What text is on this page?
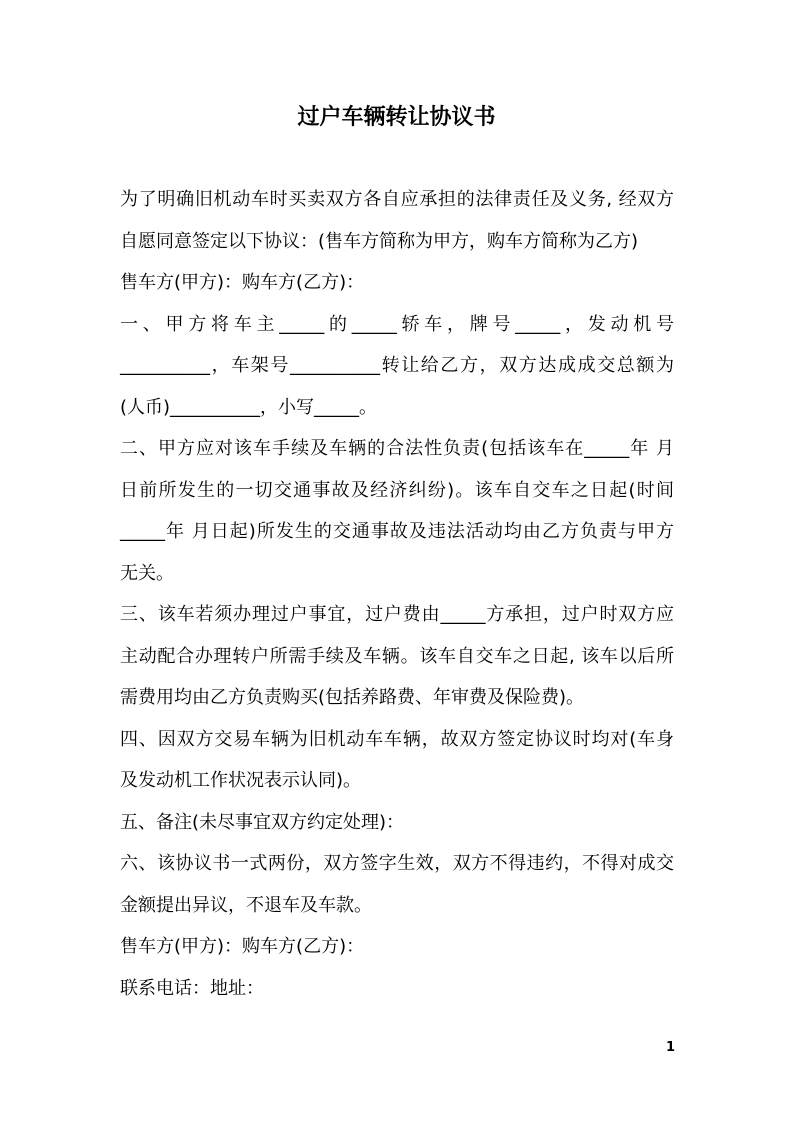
过户车辆转让协议书

为了明确旧机动车时买卖双方各自应承担的法律责任及义务, 经双方

自愿同意签定以下协议：(售车方简称为甲方，购车方简称为乙方)

售车方(甲方)：购车方(乙方)：

一、甲方将车主_____的_____轿车，牌号_____，发动机号

__________，车架号__________转让给乙方，双方达成成交总额为

(人币)__________，小写_____。

二、甲方应对该车手续及车辆的合法性负责(包括该车在_____年 月

日前所发生的一切交通事故及经济纠纷)。该车自交车之日起(时间

_____年 月日起)所发生的交通事故及违法活动均由乙方负责与甲方

无关。

三、该车若须办理过户事宜，过户费由_____方承担，过户时双方应

主动配合办理转户所需手续及车辆。该车自交车之日起, 该车以后所

需费用均由乙方负责购买(包括养路费、年审费及保险费)。

四、因双方交易车辆为旧机动车车辆，故双方签定协议时均对(车身

及发动机工作状况表示认同)。

五、备注(未尽事宜双方约定处理)：

六、该协议书一式两份，双方签字生效，双方不得违约，不得对成交

金额提出异议，不退车及车款。

售车方(甲方)：购车方(乙方)：

联系电话：地址：

1
